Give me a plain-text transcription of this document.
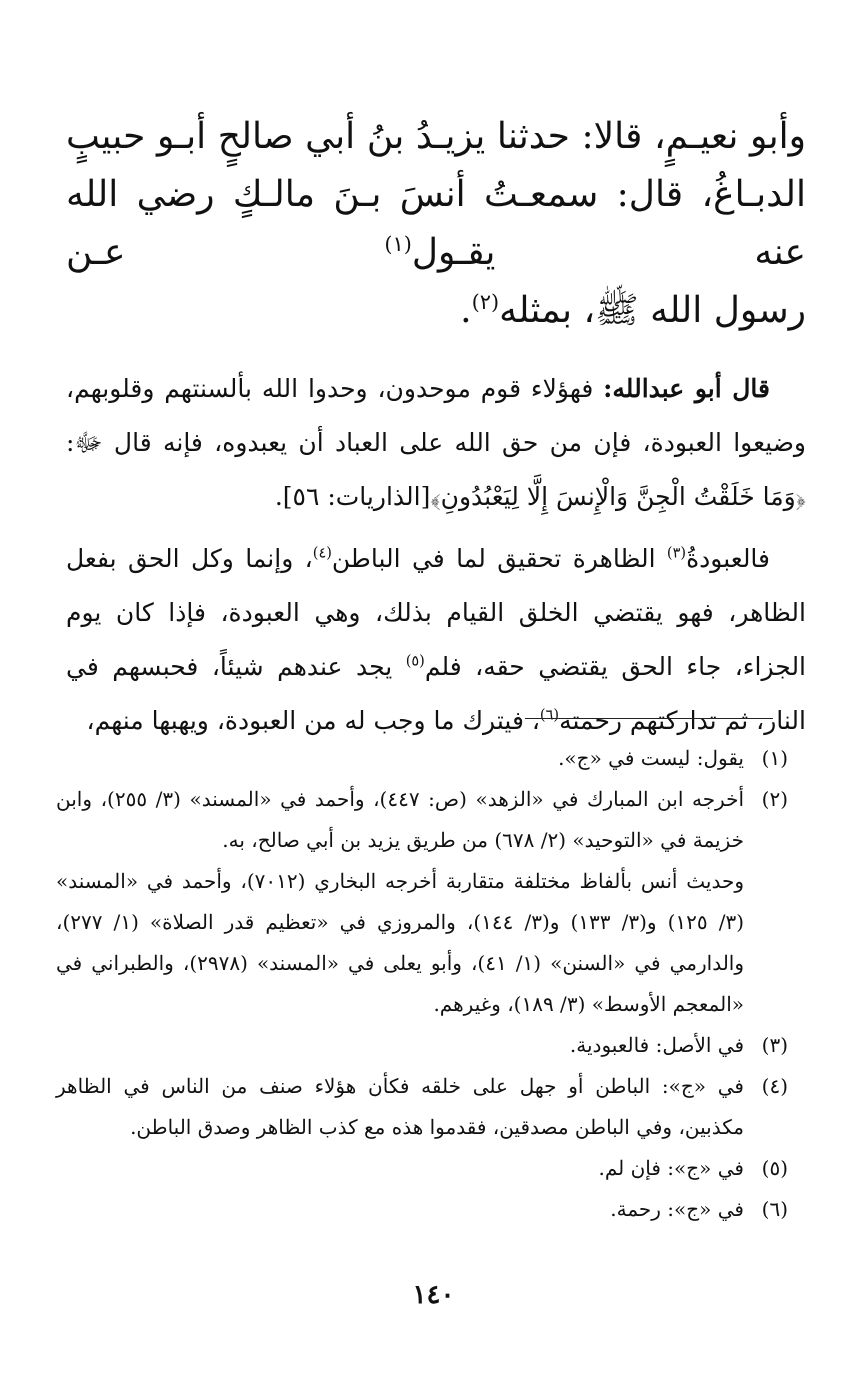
وأبو نعيـمٍ، قالا: حدثنا يزيـدُ بنُ أبي صالحٍ أبـو حبيبٍ

الدبـاغُ، قال: سمعـتُ أنسَ بـنَ مالـكٍ رضي الله عنه يقـول$^{(١)}$ عـن

رسول الله ﷺ، بمثله$^{(٢)}$.

قال أبو عبدالله: فهؤلاء قوم موحدون، وحدوا الله بألسنتهم وقلوبهم، وضيعوا العبودة، فإن من حق الله على العباد أن يعبدوه، فإنه قال ﷻ: ﴿وَمَا خَلَقْتُ الْجِنَّ وَالْإِنسَ إِلَّا لِيَعْبُدُونِ﴾[الذاريات: ٥٦].

فالعبودةُ$^{(٣)}$ الظاهرة تحقيق لما في الباطن$^{(٤)}$، وإنما وكل الحق بفعل الظاهر، فهو يقتضي الخلق القيام بذلك، وهي العبودة، فإذا كان يوم الجزاء، جاء الحق يقتضي حقه، فلم$^{(٥)}$ يجد عندهم شيئاً، فحبسهم في النار، ثم تداركتهم رحمته$^{(٦)}$، فيترك ما وجب له من العبودة، ويهبها منهم،

(١)
يقول: ليست في «ج».
(٢)
أخرجه ابن المبارك في «الزهد» (ص: ٤٤٧)، وأحمد في «المسند» (٣/ ٢٥٥)، وابن خزيمة في «التوحيد» (٢/ ٦٧٨) من طريق يزيد بن أبي صالح، به.
وحديث أنس بألفاظ مختلفة متقاربة أخرجه البخاري (٧٠١٢)، وأحمد في «المسند» (٣/ ١٢٥) و(٣/ ١٣٣) و(٣/ ١٤٤)، والمروزي في «تعظيم قدر الصلاة» (١/ ٢٧٧)، والدارمي في «السنن» (١/ ٤١)، وأبو يعلى في «المسند» (٢٩٧٨)، والطبراني في «المعجم الأوسط» (٣/ ١٨٩)، وغيرهم.
(٣)
في الأصل: فالعبودية.
(٤)
في «ج»: الباطن أو جهل على خلقه فكأن هؤلاء صنف من الناس في الظاهر مكذبين، وفي الباطن مصدقين، فقدموا هذه مع كذب الظاهر وصدق الباطن.
(٥)
في «ج»: فإن لم.
(٦)
في «ج»: رحمة.
١٤٠
